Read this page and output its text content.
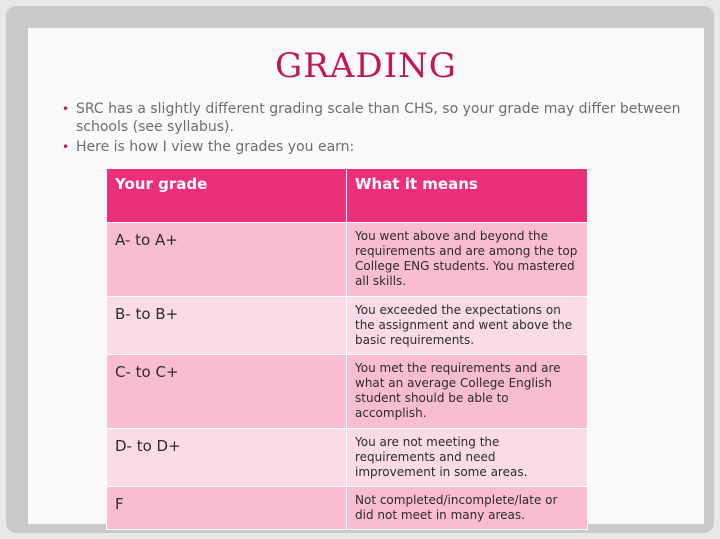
GRADING
• SRC has a slightly different grading scale than CHS, so your grade may differ between schools (see syllabus).
• Here is how I view the grades you earn:
Your grade	What it means
A- to A+	You went above and beyond the requirements and are among the top College ENG students. You mastered all skills.
B- to B+	You exceeded the expectations on the assignment and went above the basic requirements.
C- to C+	You met the requirements and are what an average College English student should be able to accomplish.
D- to D+	You are not meeting the requirements and need improvement in some areas.
F	Not completed/incomplete/late or did not meet in many areas.
